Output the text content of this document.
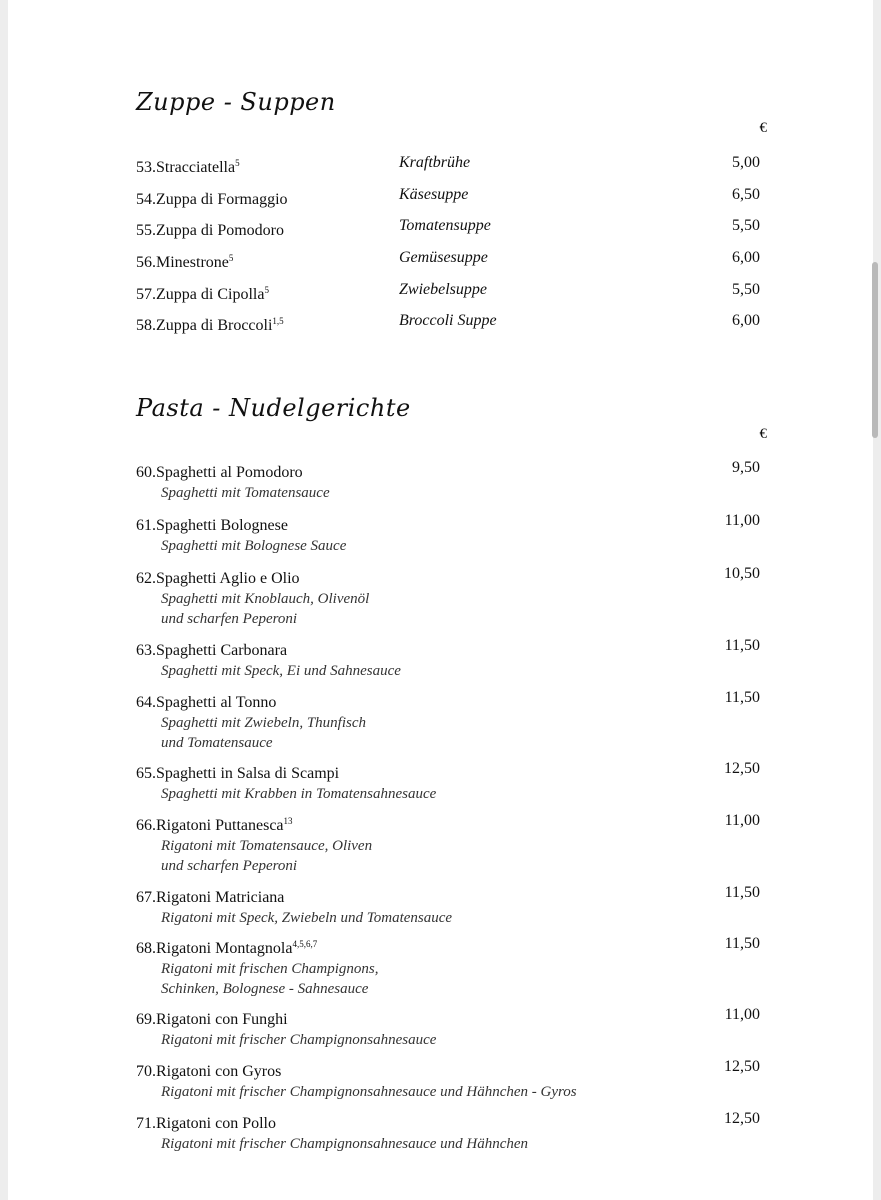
Zuppe - Suppen
€
53.Stracciatella$^5$	Kraftbrühe	5,00
54.Zuppa di Formaggio	Käsesuppe	6,50
55.Zuppa di Pomodoro	Tomatensuppe	5,50
56.Minestrone$^5$	Gemüsesuppe	6,00
57.Zuppa di Cipolla$^5$	Zwiebelsuppe	5,50
58.Zuppa di Broccoli$^{1,5}$	Broccoli Suppe	6,00
Pasta - Nudelgerichte
€
60.Spaghetti al Pomodoro	9,50
Spaghetti mit Tomatensauce
61.Spaghetti Bolognese	11,00
Spaghetti mit Bolognese Sauce
62.Spaghetti Aglio e Olio	10,50
Spaghetti mit Knoblauch, Olivenöl
und scharfen Peperoni
63.Spaghetti Carbonara	11,50
Spaghetti mit Speck, Ei und Sahnesauce
64.Spaghetti al Tonno	11,50
Spaghetti mit Zwiebeln, Thunfisch
und Tomatensauce
65.Spaghetti in Salsa di Scampi	12,50
Spaghetti mit Krabben in Tomatensahnesauce
66.Rigatoni Puttanesca$^{13}$	11,00
Rigatoni mit Tomatensauce, Oliven
und scharfen Peperoni
67.Rigatoni Matriciana	11,50
Rigatoni mit Speck, Zwiebeln und Tomatensauce
68.Rigatoni Montagnola$^{4,5,6,7}$	11,50
Rigatoni mit frischen Champignons,
Schinken, Bolognese - Sahnesauce
69.Rigatoni con Funghi	11,00
Rigatoni mit frischer Champignonsahnesauce
70.Rigatoni con Gyros	12,50
Rigatoni mit frischer Champignonsahnesauce und Hähnchen - Gyros
71.Rigatoni con Pollo	12,50
Rigatoni mit frischer Champignonsahnesauce und Hähnchen
